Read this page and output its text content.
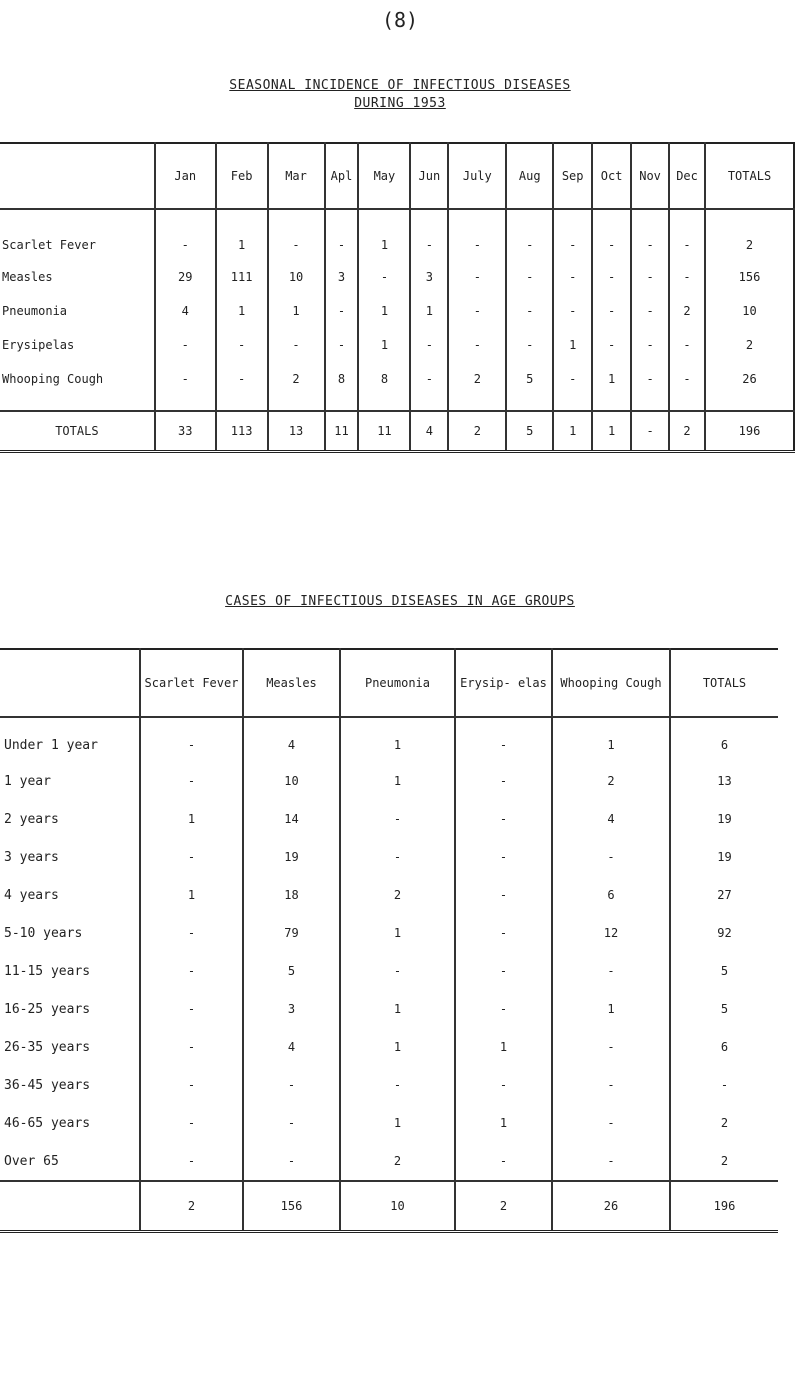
(8)
SEASONAL INCIDENCE OF INFECTIOUS DISEASES
DURING 1953
	Jan	Feb	Mar	Apl	May	Jun	July	Aug	Sep	Oct	Nov	Dec	TOTALS
Scarlet Fever	-	1	-	-	1	-	-	-	-	-	-	-	2
Measles	29	111	10	3	-	3	-	-	-	-	-	-	156
Pneumonia	4	1	1	-	1	1	-	-	-	-	-	2	10
Erysipelas	-	-	-	-	1	-	-	-	1	-	-	-	2
Whooping Cough	-	-	2	8	8	-	2	5	-	1	-	-	26
TOTALS	33	113	13	11	11	4	2	5	1	1	-	2	196
CASES OF INFECTIOUS DISEASES IN AGE GROUPS
	Scarlet Fever	Measles	Pneumonia	Erysip- elas	Whooping Cough	TOTALS
Under 1 year	-	4	1	-	1	6
1 year	-	10	1	-	2	13
2 years	1	14	-	-	4	19
3 years	-	19	-	-	-	19
4 years	1	18	2	-	6	27
5-10 years	-	79	1	-	12	92
11-15 years	-	5	-	-	-	5
16-25 years	-	3	1	-	1	5
26-35 years	-	4	1	1	-	6
36-45 years	-	-	-	-	-	-
46-65 years	-	-	1	1	-	2
Over 65	-	-	2	-	-	2
	2	156	10	2	26	196
